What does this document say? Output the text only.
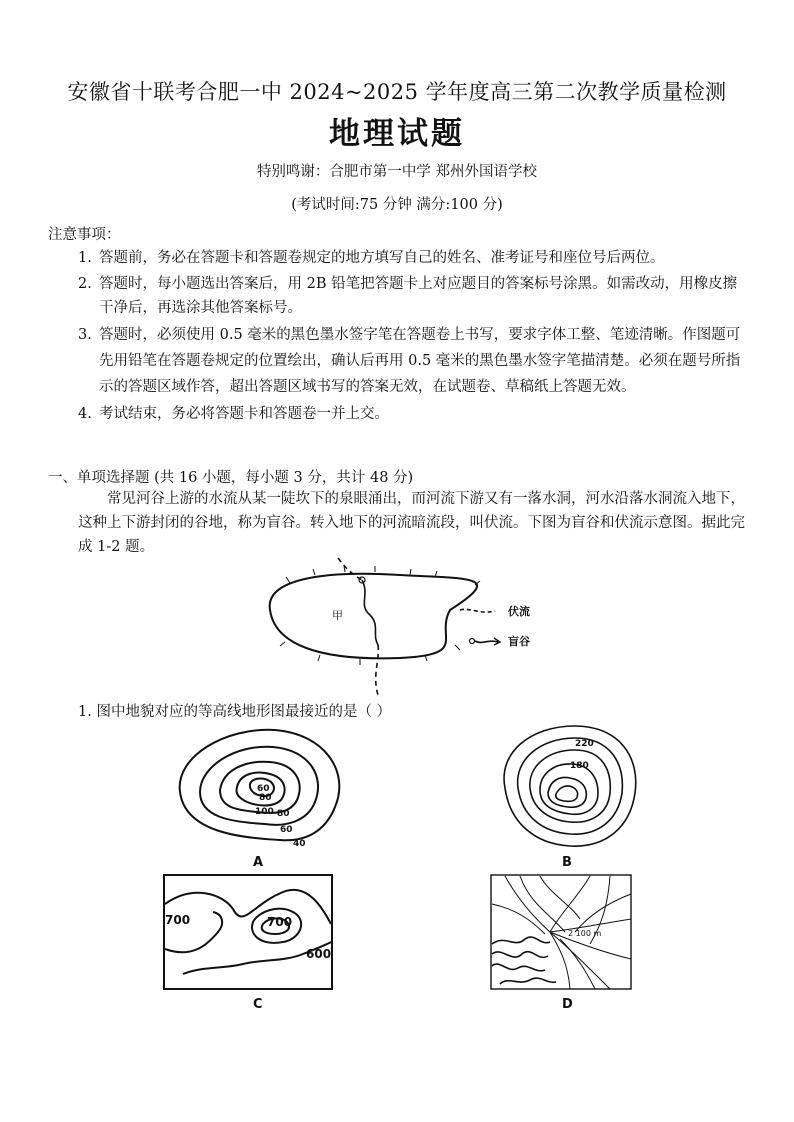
安徽省十联考合肥一中 2024~2025 学年度高三第二次教学质量检测
地理试题
特别鸣谢：合肥市第一中学 郑州外国语学校
(考试时间:75 分钟 满分:100 分)
注意事项：
1. 答题前，务必在答题卡和答题卷规定的地方填写自己的姓名、准考证号和座位号后两位。
2. 答题时，每小题选出答案后，用 2B 铅笔把答题卡上对应题目的答案标号涂黑。如需改动，用橡皮擦干净后，再选涂其他答案标号。
3. 答题时，必须使用 0.5 毫米的黑色墨水签字笔在答题卷上书写，要求字体工整、笔迹清晰。作图题可先用铅笔在答题卷规定的位置绘出，确认后再用 0.5 毫米的黑色墨水签字笔描清楚。必须在题号所指示的答题区域作答，超出答题区域书写的答案无效，在试题卷、草稿纸上答题无效。
4. 考试结束，务必将答题卡和答题卷一并上交。
一、单项选择题 (共 16 小题，每小题 3 分，共计 48 分)
常见河谷上游的水流从某一陡坎下的泉眼涌出，而河流下游又有一落水洞，河水沿落水洞流入地下，这种上下游封闭的谷地，称为盲谷。转入地下的河流暗流段，叫伏流。下图为盲谷和伏流示意图。据此完成 1-2 题。
甲	伏流
盲谷
1. 图中地貌对应的等高线地形图最接近的是（ ）
60
80
100 80
60
40
A
220
180
B
700	700
600
C
2 100 m
D
